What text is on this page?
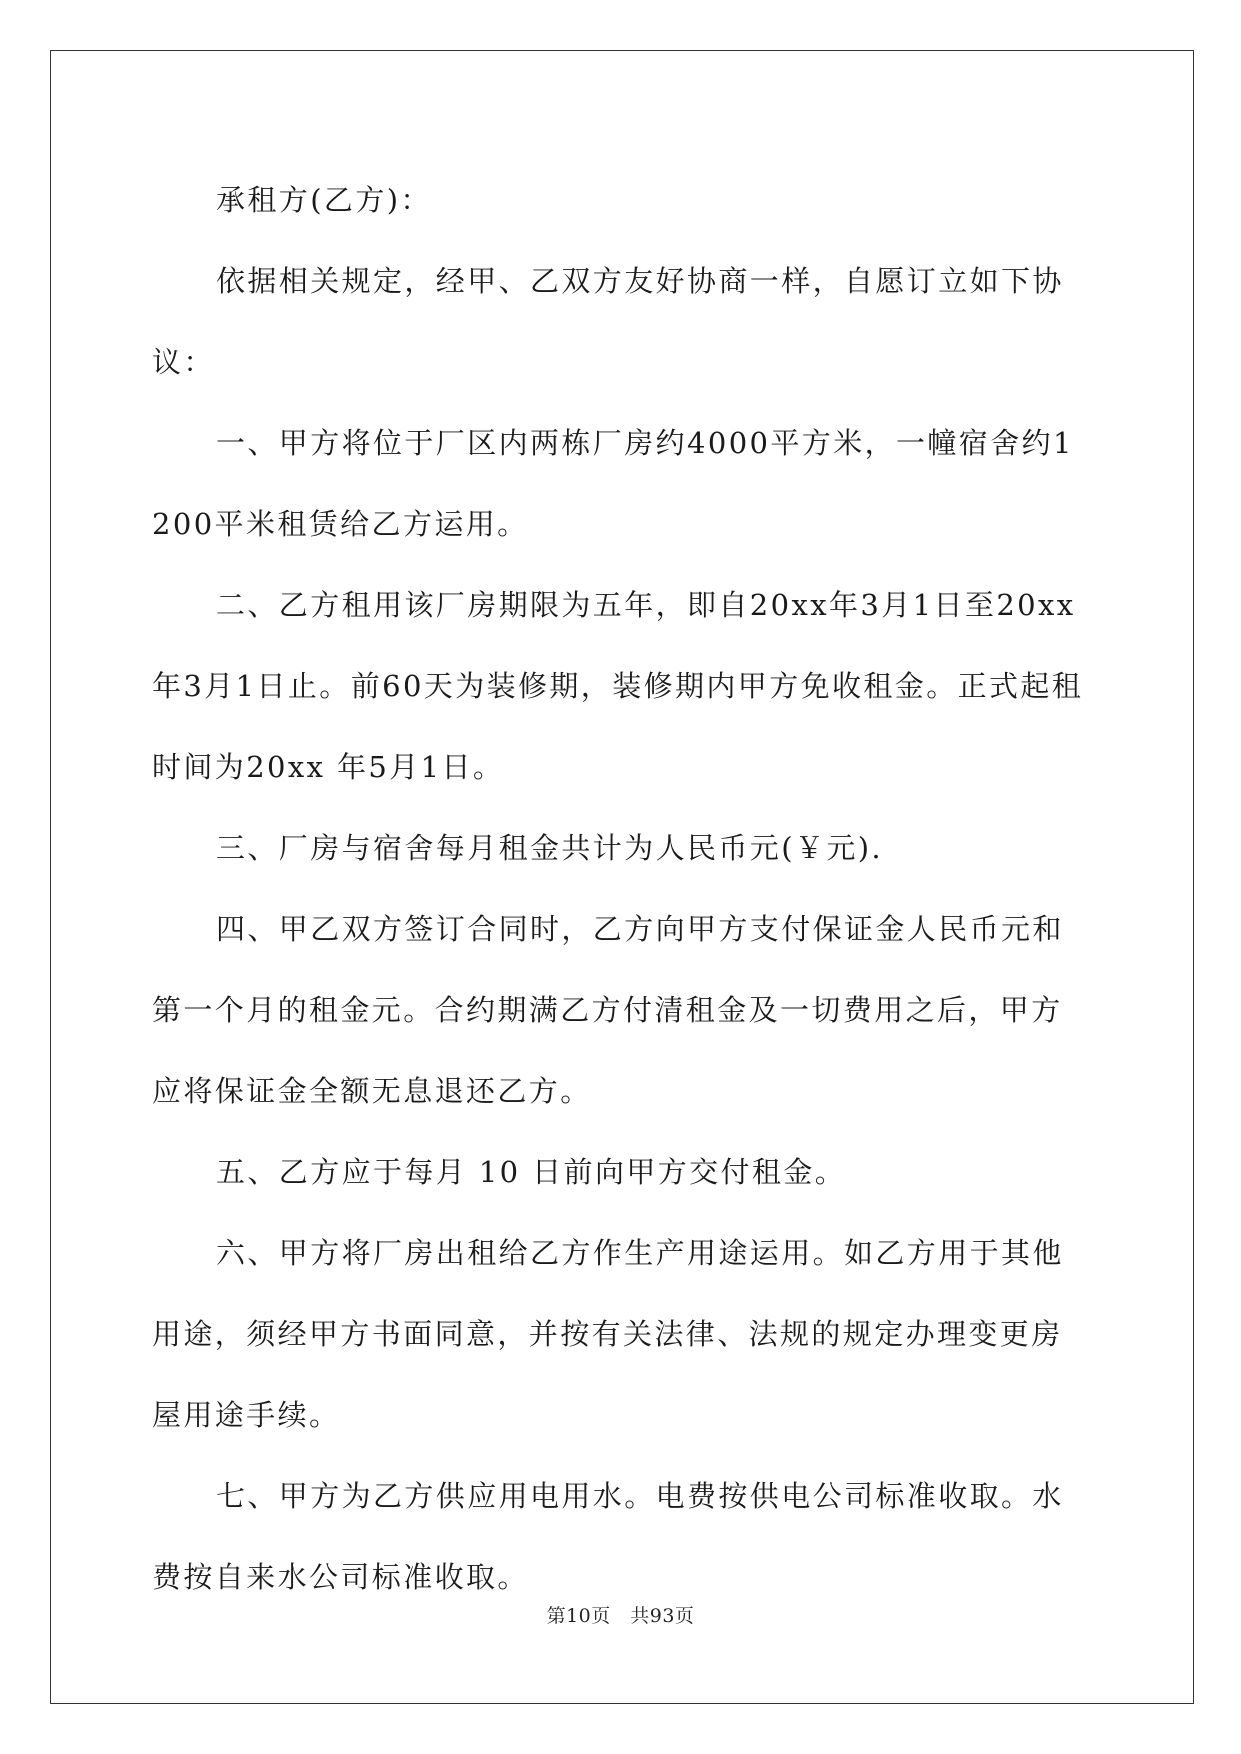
承租方(乙方)：

依据相关规定，经甲、乙双方友好协商一样，自愿订立如下协议：

一、甲方将位于厂区内两栋厂房约4000平方米，一幢宿舍约1200平米租赁给乙方运用。

二、乙方租用该厂房期限为五年，即自20xx年3月1日至20xx年3月1日止。前60天为装修期，装修期内甲方免收租金。正式起租时间为20xx 年5月1日。

三、厂房与宿舍每月租金共计为人民币元(￥元).

四、甲乙双方签订合同时，乙方向甲方支付保证金人民币元和第一个月的租金元。合约期满乙方付清租金及一切费用之后，甲方应将保证金全额无息退还乙方。

五、乙方应于每月 10 日前向甲方交付租金。

六、甲方将厂房出租给乙方作生产用途运用。如乙方用于其他用途，须经甲方书面同意，并按有关法律、法规的规定办理变更房屋用途手续。

七、甲方为乙方供应用电用水。电费按供电公司标准收取。水费按自来水公司标准收取。

第10页　共93页
